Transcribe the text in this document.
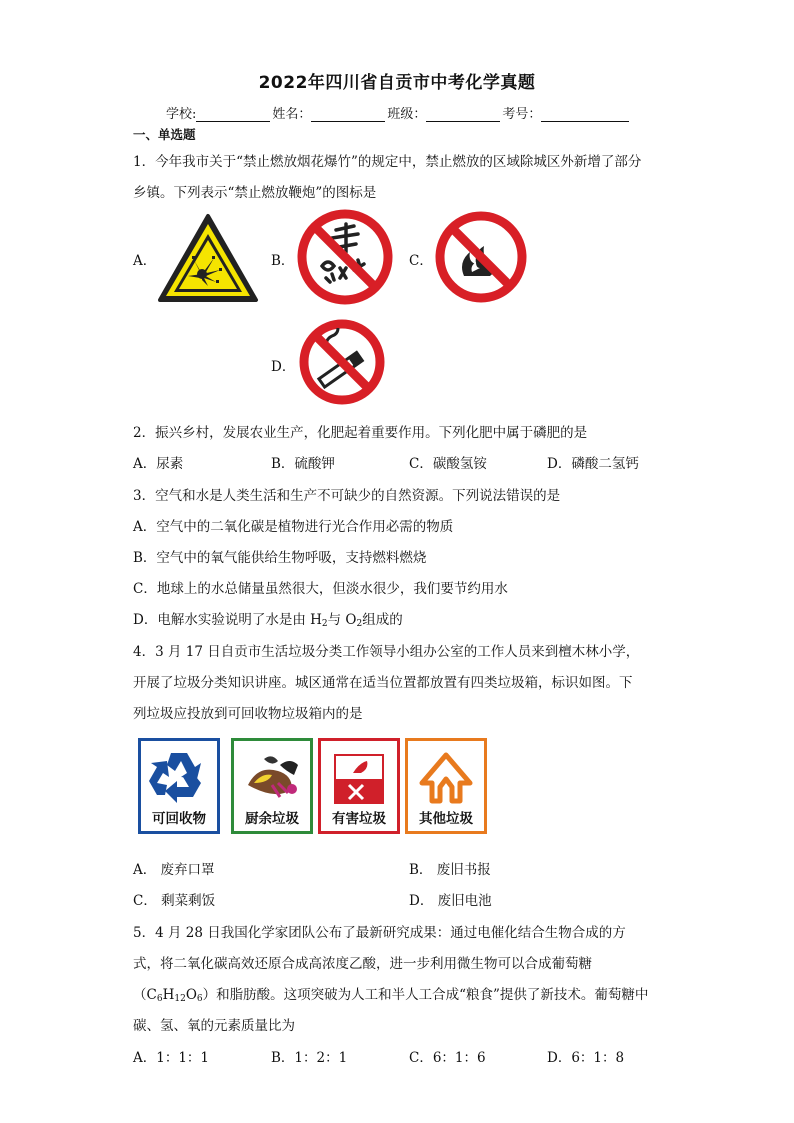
2022年四川省自贡市中考化学真题
学校:	姓名：	班级：	考号：
一、单选题
1．今年我市关于“禁止燃放烟花爆竹”的规定中，禁止燃放的区域除城区外新增了部分
乡镇。下列表示“禁止燃放鞭炮”的图标是
A．	B．	C．
D．
2．振兴乡村，发展农业生产，化肥起着重要作用。下列化肥中属于磷肥的是
A．尿素	B．硫酸钾	C．碳酸氢铵	D．磷酸二氢钙
3．空气和水是人类生活和生产不可缺少的自然资源。下列说法错误的是
A．空气中的二氧化碳是植物进行光合作用必需的物质
B．空气中的氧气能供给生物呼吸，支持燃料燃烧
C．地球上的水总储量虽然很大，但淡水很少，我们要节约用水
D．电解水实验说明了水是由 $H_2$与 $O_2$组成的
4．3 月 17 日自贡市生活垃圾分类工作领导小组办公室的工作人员来到檀木林小学，
开展了垃圾分类知识讲座。城区通常在适当位置都放置有四类垃圾箱，标识如图。下
列垃圾应投放到可回收物垃圾箱内的是
可回收物	厨余垃圾	有害垃圾	其他垃圾
A． 废弃口罩	B． 废旧书报
C． 剩菜剩饭	D． 废旧电池
5．4 月 28 日我国化学家团队公布了最新研究成果：通过电催化结合生物合成的方
式，将二氧化碳高效还原合成高浓度乙酸，进一步利用微生物可以合成葡萄糖
$(C_6H_{12}O_6)$和脂肪酸。这项突破为人工和半人工合成“粮食”提供了新技术。葡萄糖中
碳、氢、氧的元素质量比为
A．1：1：1	B．1：2：1	C．6：1：6	D．6：1：8
